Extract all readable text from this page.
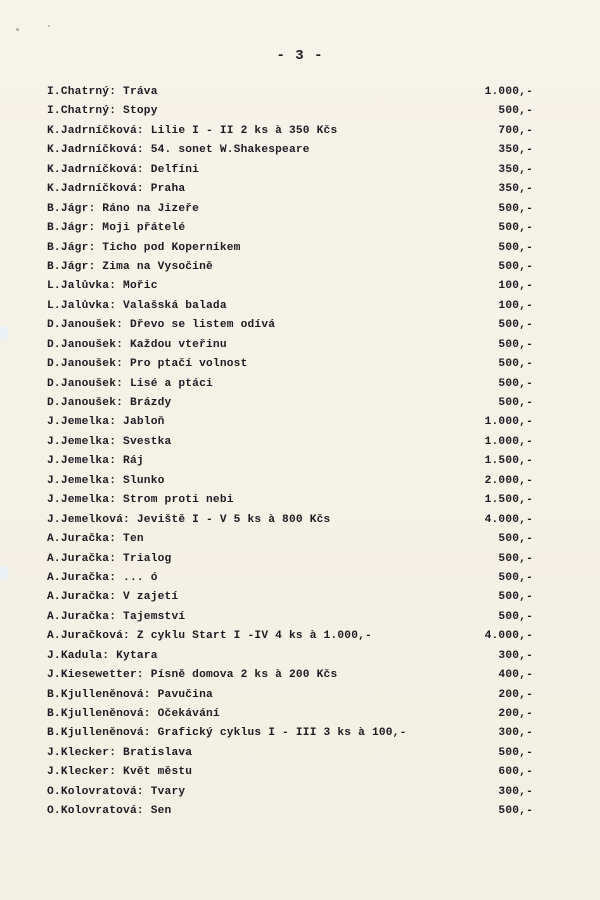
- 3 -
I.Chatrný: Tráva	1.000,-
I.Chatrný: Stopy	500,-
K.Jadrníčková: Lilie I - II 2 ks à 350 Kčs	700,-
K.Jadrníčková: 54. sonet W.Shakespeare	350,-
K.Jadrníčková: Delfíni	350,-
K.Jadrníčková: Praha	350,-
B.Jágr: Ráno na Jizeře	500,-
B.Jágr: Moji přátelé	500,-
B.Jágr: Ticho pod Koperníkem	500,-
B.Jágr: Zima na Vysočině	500,-
L.Jalůvka: Mořic	100,-
L.Jalůvka: Valašská balada	100,-
D.Janoušek: Dřevo se listem odívá	500,-
D.Janoušek: Každou vteřinu	500,-
D.Janoušek: Pro ptačí volnost	500,-
D.Janoušek: Lisé a ptáci	500,-
D.Janoušek: Brázdy	500,-
J.Jemelka: Jabloň	1.000,-
J.Jemelka: Švestka	1.000,-
J.Jemelka: Ráj	1.500,-
J.Jemelka: Slunko	2.000,-
J.Jemelka: Strom proti nebi	1.500,-
J.Jemelková: Jeviště I - V 5 ks à 800 Kčs	4.000,-
A.Juračka: Ten	500,-
A.Juračka: Trialog	500,-
A.Juračka: ... ó	500,-
A.Juračka: V zajetí	500,-
A.Juračka: Tajemství	500,-
A.Juračková: Z cyklu Start I -IV 4 ks à 1.000,-	4.000,-
J.Kadula: Kytara	300,-
J.Kiesewetter: Písně domova 2 ks à 200 Kčs	400,-
B.Kjulleněnová: Pavučina	200,-
B.Kjulleněnová: Očekávání	200,-
B.Kjulleněnová: Grafický cyklus I - III 3 ks à 100,-	300,-
J.Klecker: Bratislava	500,-
J.Klecker: Květ městu	600,-
O.Kolovratová: Tvary	300,-
O.Kolovratová: Sen	500,-
